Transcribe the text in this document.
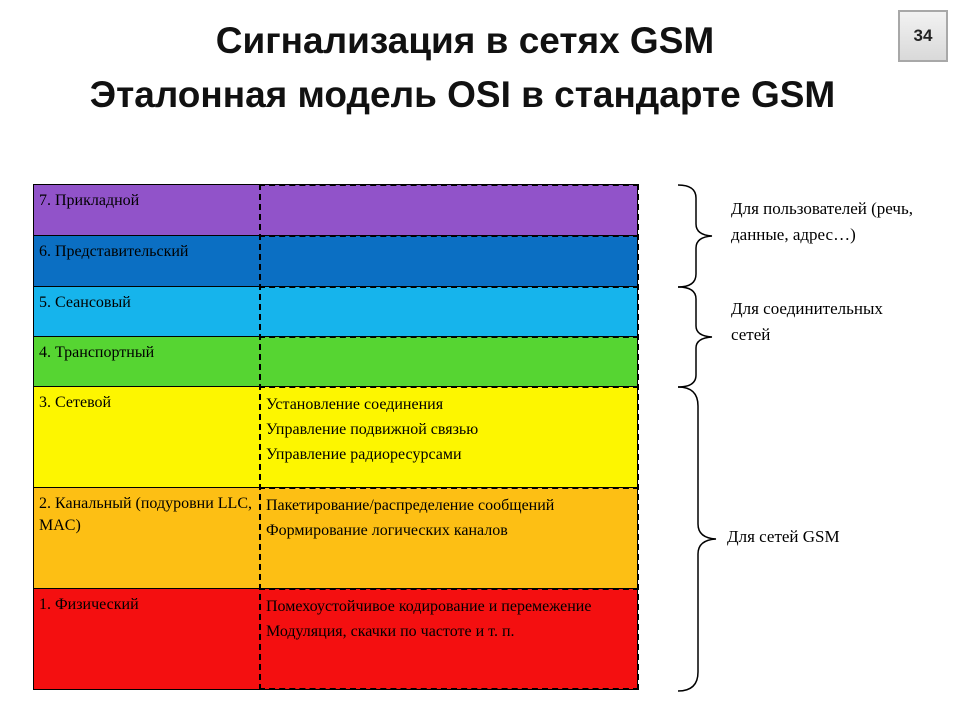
Сигнализация в сетях GSM
Эталонная модель OSI в стандарте GSM
34
7. Прикладной
6. Представительский
5. Сеансовый
4. Транспортный
3. Сетевой	Установление соединения
Управление подвижной связью
Управление радиоресурсами
2. Канальный (подуровни LLC, MAC)
Пакетирование/распределение сообщений
Формирование логических каналов
1. Физический	Помехоустойчивое кодирование и перемежение
Модуляция, скачки по частоте и т. п.
Для пользователей (речь, данные, адрес…)
Для соединительных сетей
Для сетей GSM
